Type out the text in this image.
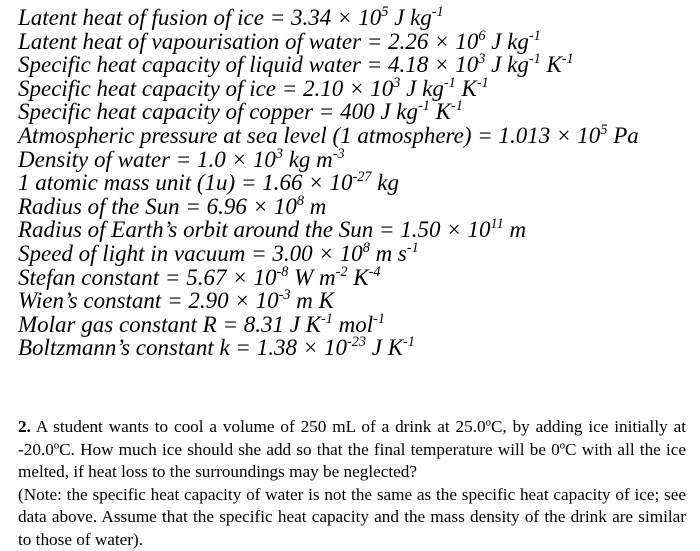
Latent heat of fusion of ice = $3.34 \times 10^5$ J $kg^{-1}$
Latent heat of vapourisation of water = $2.26 \times 10^6$ J $kg^{-1}$
Specific heat capacity of liquid water = $4.18 \times 10^3$ J $kg^{-1}$ $K^{-1}$
Specific heat capacity of ice = $2.10 \times 10^3$ J $kg^{-1}$ $K^{-1}$
Specific heat capacity of copper = 400 J $kg^{-1}$ $K^{-1}$
Atmospheric pressure at sea level (1 atmosphere) = $1.013 \times 10^5$ Pa
Density of water = $1.0 \times 10^3$ kg $m^{-3}$
1 atomic mass unit $(1u) = 1.66 \times 10^{-27}$ kg
Radius of the Sun = $6.96 \times 10^8$ m
Radius of Earth’s orbit around the Sun = $1.50 \times 10^{11}$ m
Speed of light in vacuum = $3.00 \times 10^8$ m $s^{-1}$
Stefan constant = $5.67 \times 10^{-8}$ W $m^{-2}$ $K^{-4}$
Wien’s constant = $2.90 \times 10^{-3}$ m K
Molar gas constant R = 8.31 J $K^{-1}$ mol$^{-1}$
Boltzmann’s constant $k = 1.38 \times 10^{-23}$ J $K^{-1}$

2. A student wants to cool a volume of 250 mL of a drink at 25.0ºC, by adding ice initially at -20.0ºC. How much ice should she add so that the final temperature will be 0ºC with all the ice melted, if heat loss to the surroundings may be neglected?

(Note: the specific heat capacity of water is not the same as the specific heat capacity of ice; see data above. Assume that the specific heat capacity and the mass density of the drink are similar to those of water).
